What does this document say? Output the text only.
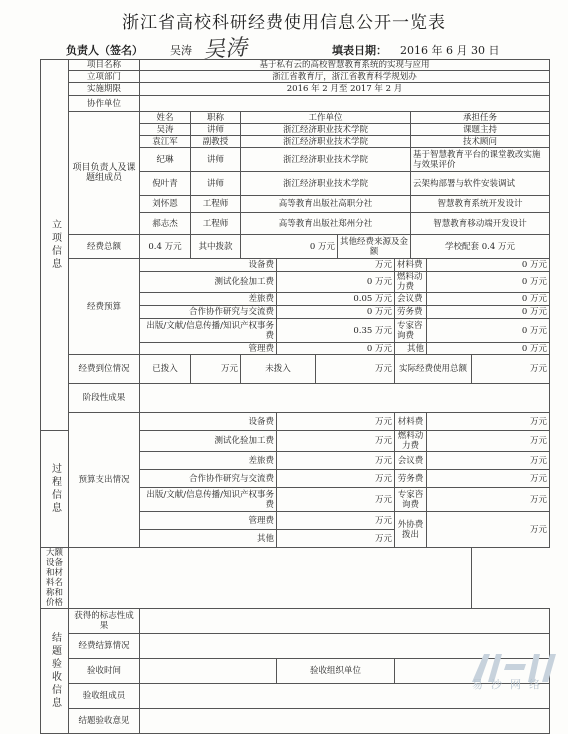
浙江省高校科研经费使用信息公开一览表
负责人（签名） 吴涛 吴涛	填表日期： 2016 年 6 月 30 日
立项信息	项目名称	基于私有云的高校智慧教育系统的实现与应用									
	立项部门	浙江省教育厅，浙江省教育科学规划办									
	实施期限	2016 年 2 月至 2017 年 2 月									
	协作单位										
	项目负责人及课题组成员	姓名	职称	工作单位					承担任务		
		吴涛	讲师	浙江经济职业技术学院					课题主持		
		袁江军	副教授	浙江经济职业技术学院					技术顾问		
		纪琳	讲师	浙江经济职业技术学院					基于智慧教育平台的课堂教改实施与效果评价		
		倪叶青	讲师	浙江经济职业技术学院					云架构部署与软件安装调试		
		刘怀恩	工程师	高等教育出版社高职分社					智慧教育系统开发设计		
		郝志杰	工程师	高等教育出版社郑州分社					智慧教育移动端开发设计		
	经费总额	0.4 万元	其中拨款	0 万元			其他经费来源及金额		学校配套 0.4 万元		
	经费预算	设备费			万元			材料费		0 万元	
		测试化验加工费			0 万元			燃料动力费		0 万元	
		差旅费			0.05 万元			会议费		0 万元	
		合作协作研究与交流费			0 万元			劳务费		0 万元	
		出版/文献/信息传播/知识产权事务费			0.35 万元			专家咨询费		0 万元	
		管理费			0 万元			其他		0 万元	
	经费到位情况	已拨入	万元	未拨入		万元		实际经费使用总额			万元
	阶段性成果										
	预算支出情况	设备费			万元			材料费		万元	
过程信息		测试化验加工费			万元			燃料动力费		万元	
		差旅费			万元			会议费		万元	
		合作协作研究与交流费			万元			劳务费		万元	
		出版/文献/信息传播/知识产权事务费			万元			专家咨询费		万元	
		管理费			万元			外协费拨出		万元	
		其他			万元						
大额设备和材料名称和价格											
结题验收信息	获得的标志性成果										
	经费结算情况										
	验收时间				验收组织单位						
	验收组成员										
	结题验收意见										
易沙网络
